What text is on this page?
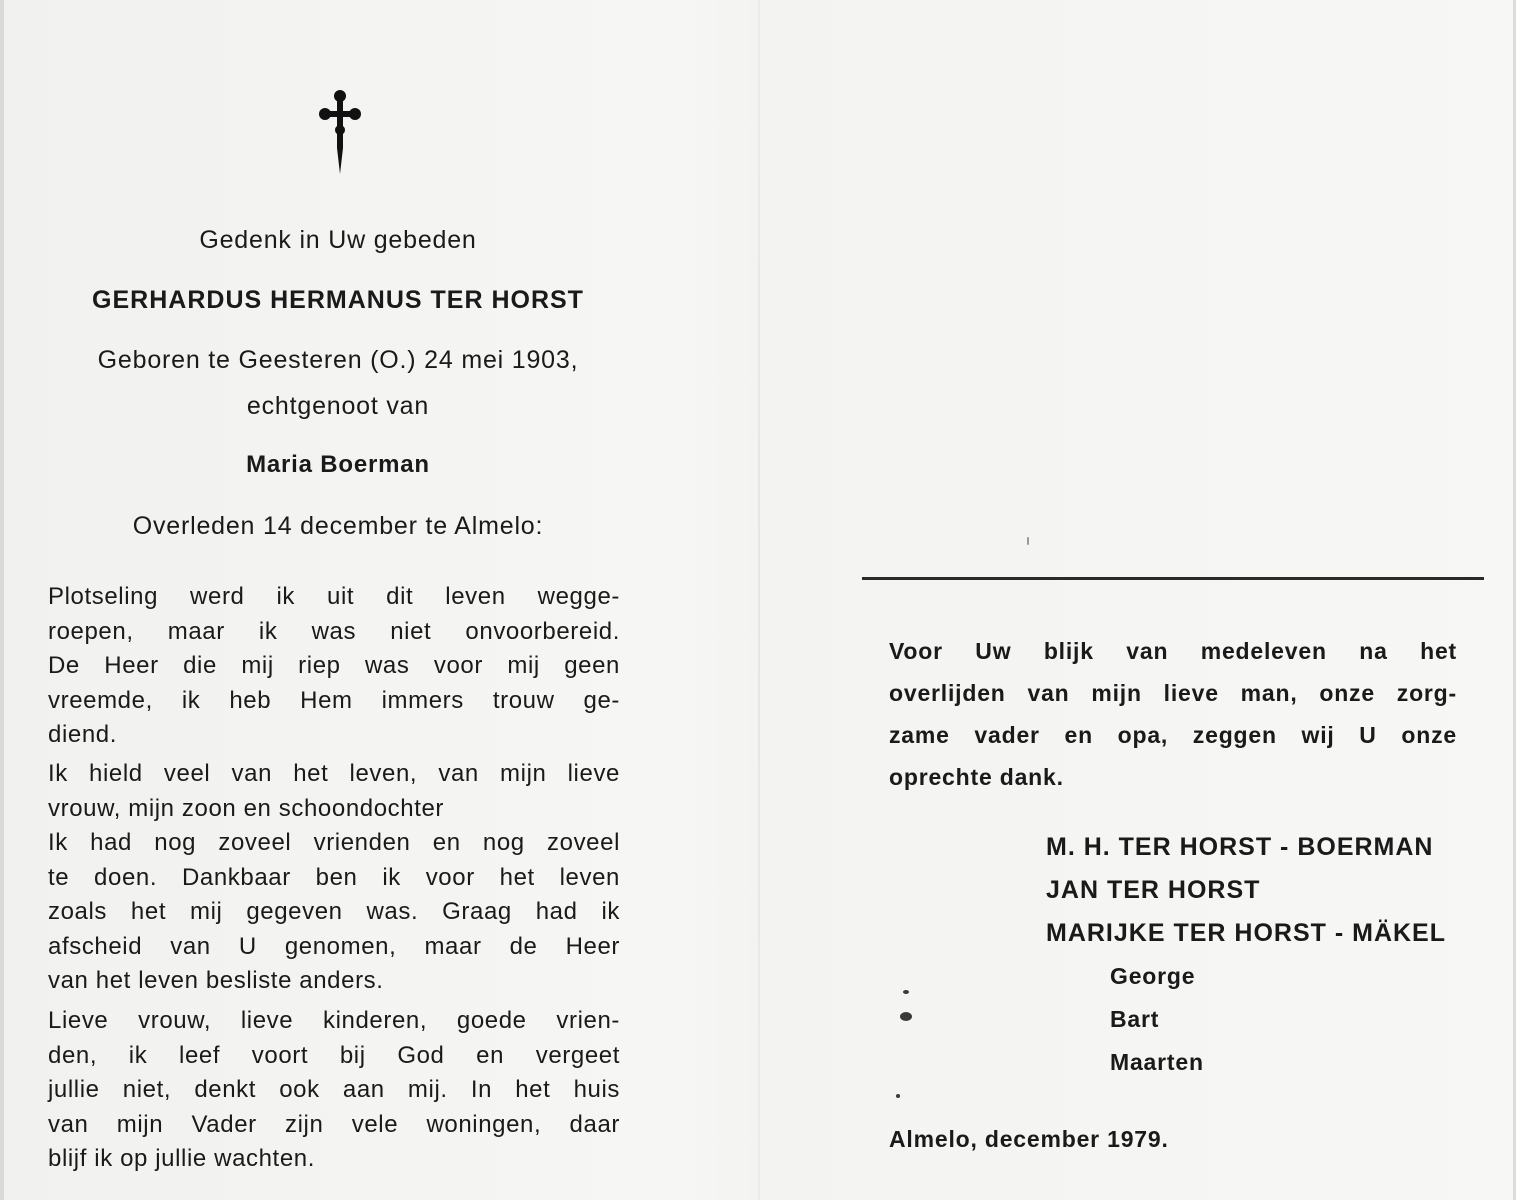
Gedenk in Uw gebeden
GERHARDUS HERMANUS TER HORST
Geboren te Geesteren (O.) 24 mei 1903,
echtgenoot van
Maria Boerman
Overleden 14 december te Almelo:
Plotseling werd ik uit dit leven wegge-
roepen, maar ik was niet onvoorbereid.
De Heer die mij riep was voor mij geen
vreemde, ik heb Hem immers trouw ge-
diend.
Ik hield veel van het leven, van mijn lieve
vrouw, mijn zoon en schoondochter
Ik had nog zoveel vrienden en nog zoveel
te doen. Dankbaar ben ik voor het leven
zoals het mij gegeven was. Graag had ik
afscheid van U genomen, maar de Heer
van het leven besliste anders.
Lieve vrouw, lieve kinderen, goede vrien-
den, ik leef voort bij God en vergeet
jullie niet, denkt ook aan mij. In het huis
van mijn Vader zijn vele woningen, daar
blijf ik op jullie wachten.
Voor Uw blijk van medeleven na het
overlijden van mijn lieve man, onze zorg-
zame vader en opa, zeggen wij U onze
oprechte dank.
M. H. TER HORST - BOERMAN
JAN TER HORST
MARIJKE TER HORST - MÄKEL
George
Bart
Maarten
Almelo, december 1979.
